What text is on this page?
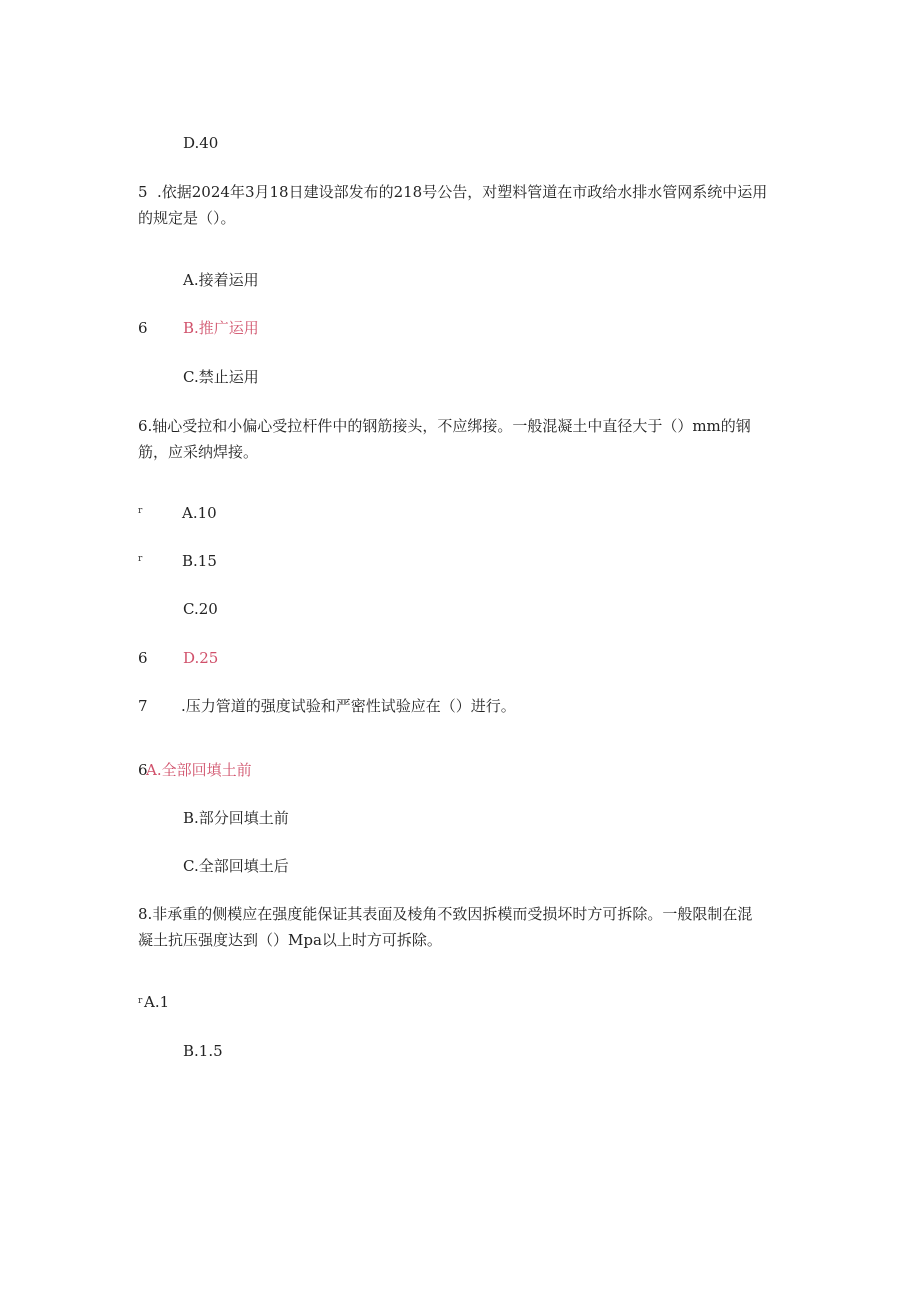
D.40
5 .依据2024年3月18日建设部发布的218号公告，对塑料管道在市政给水排水管网系统中运用
的规定是（）。
A.接着运用
6 B.推广运用
C.禁止运用
6.轴心受拉和小偏心受拉杆件中的钢筋接头，不应绑接。一般混凝土中直径大于（）mm的钢
筋，应采纳焊接。
r	A.10
r	B.15
C.20
6 D.25
7 .压力管道的强度试验和严密性试验应在（）进行。
6
A.全部回填土前
B.部分回填土前
C.全部回填土后
8.非承重的侧模应在强度能保证其表面及棱角不致因拆模而受损坏时方可拆除。一般限制在混
凝土抗压强度达到（）Mpa以上时方可拆除。
r A.1
B.1.5
